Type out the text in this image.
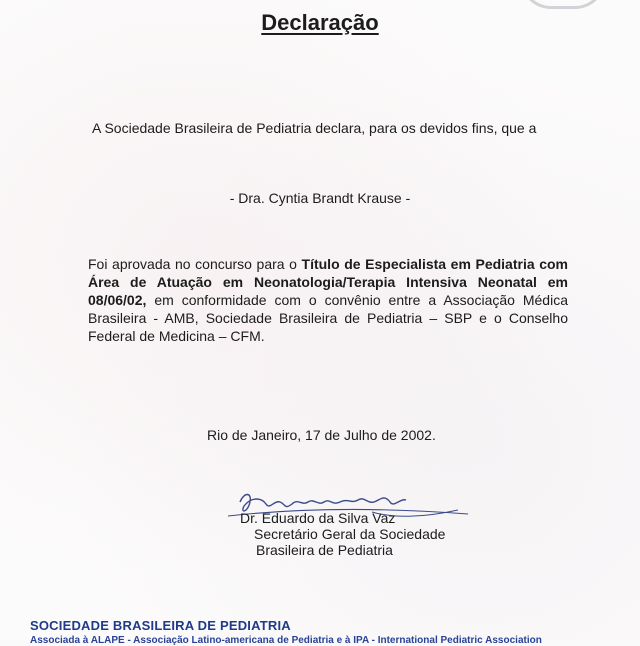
Declaração
A Sociedade Brasileira de Pediatria declara, para os devidos fins, que a
- Dra. Cyntia Brandt Krause -
Foi aprovada no concurso para o Título de Especialista em Pediatria com Área de Atuação em Neonatologia/Terapia Intensiva Neonatal em 08/06/02, em conformidade com o convênio entre a Associação Médica Brasileira - AMB, Sociedade Brasileira de Pediatria – SBP e o Conselho Federal de Medicina – CFM.
Rio de Janeiro, 17 de Julho de 2002.
Dr. Eduardo da Silva Vaz
Secretário Geral da Sociedade
Brasileira de Pediatria
SOCIEDADE BRASILEIRA DE PEDIATRIA
Associada à ALAPE - Associação Latino-americana de Pediatria e à IPA - International Pediatric Association
